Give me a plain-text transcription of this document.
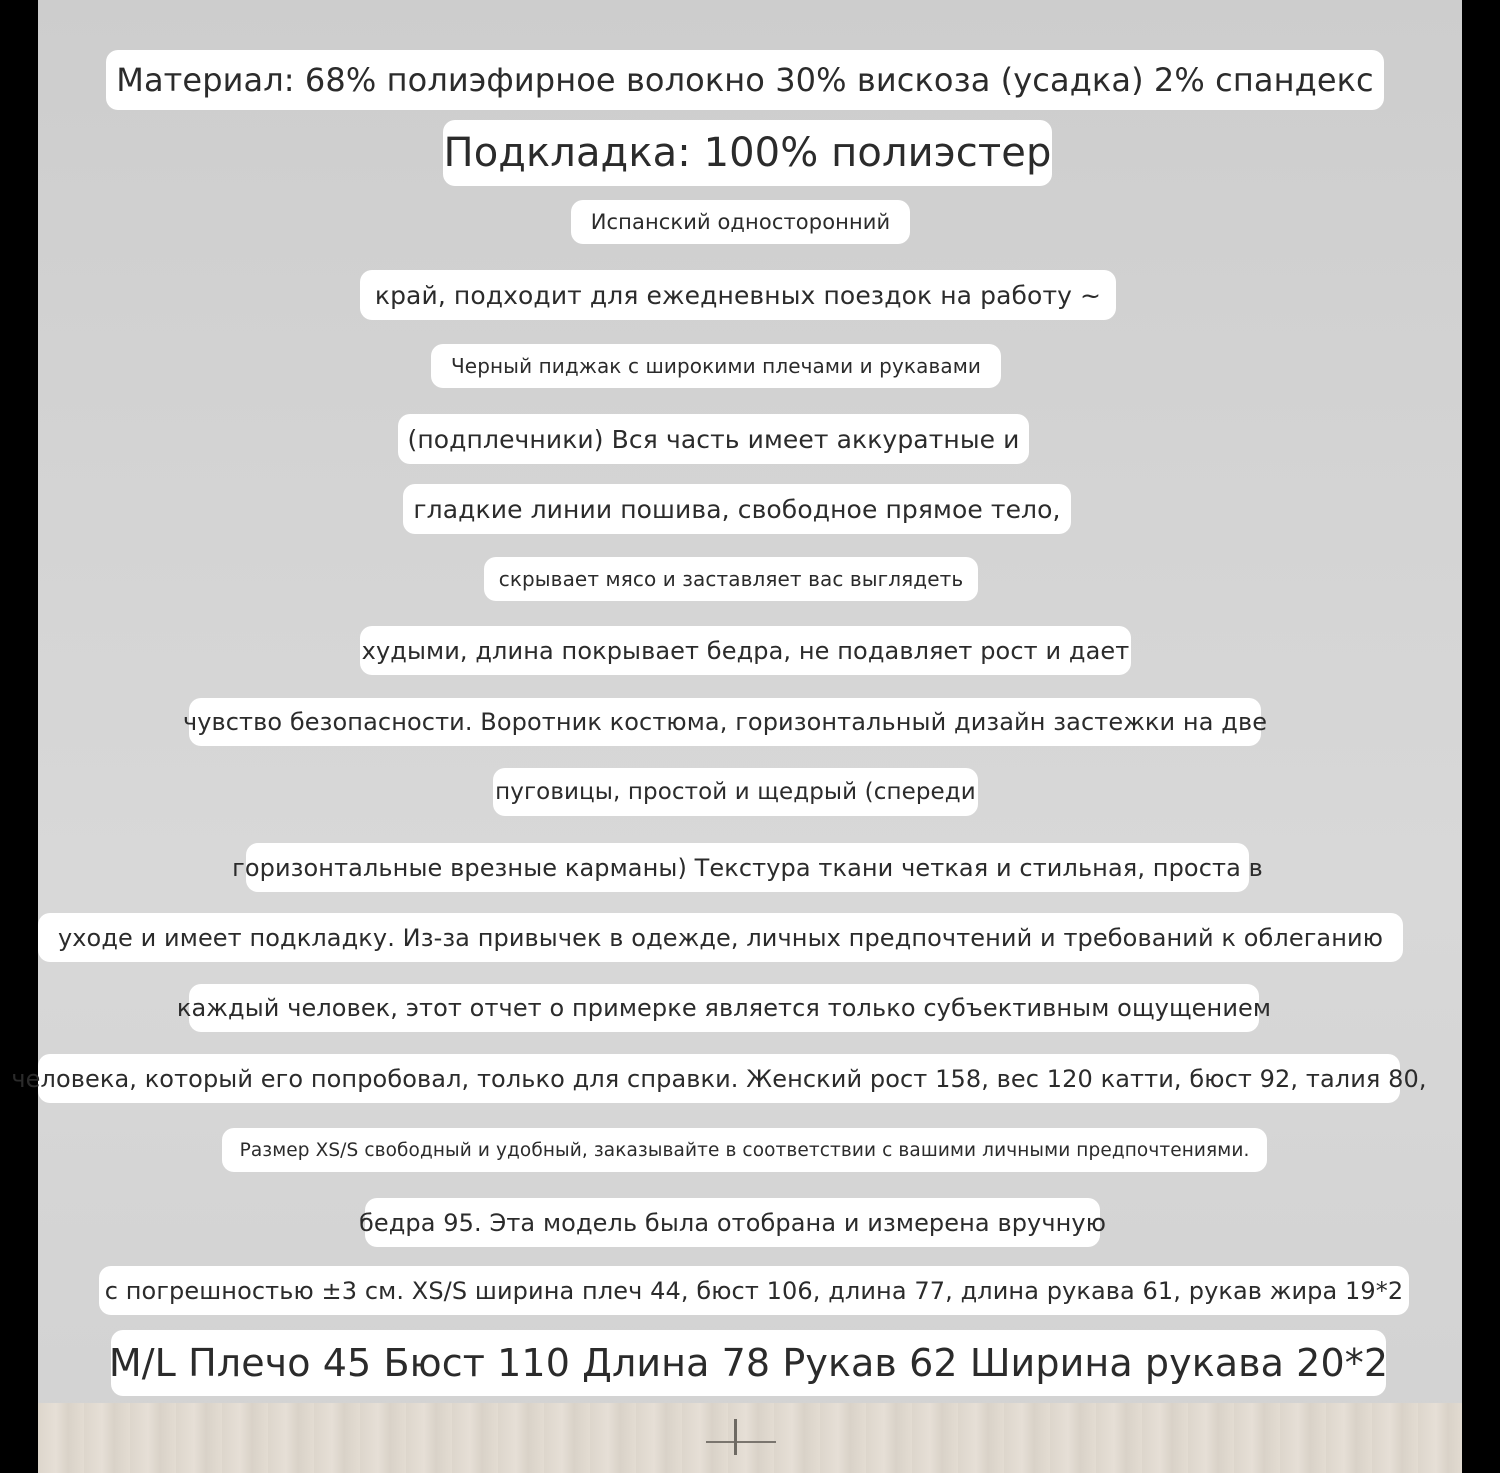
Материал: 68% полиэфирное волокно 30% вискоза (усадка) 2% спандекс
Подкладка: 100% полиэстер
Испанский односторонний
край, подходит для ежедневных поездок на работу ~
Черный пиджак с широкими плечами и рукавами
(подплечники) Вся часть имеет аккуратные и
гладкие линии пошива, свободное прямое тело,
скрывает мясо и заставляет вас выглядеть
худыми, длина покрывает бедра, не подавляет рост и дает
чувство безопасности. Воротник костюма, горизонтальный дизайн застежки на две
пуговицы, простой и щедрый (спереди
горизонтальные врезные карманы) Текстура ткани четкая и стильная, проста в
уходе и имеет подкладку. Из-за привычек в одежде, личных предпочтений и требований к облеганию
каждый человек, этот отчет о примерке является только субъективным ощущением
человека, который его попробовал, только для справки. Женский рост 158, вес 120 катти, бюст 92, талия 80,
Размер XS/S свободный и удобный, заказывайте в соответствии с вашими личными предпочтениями.
бедра 95. Эта модель была отобрана и измерена вручную
с погрешностью ±3 см. XS/S ширина плеч 44, бюст 106, длина 77, длина рукава 61, рукав жира 19*2
M/L Плечо 45 Бюст 110 Длина 78 Рукав 62 Ширина рукава 20*2
